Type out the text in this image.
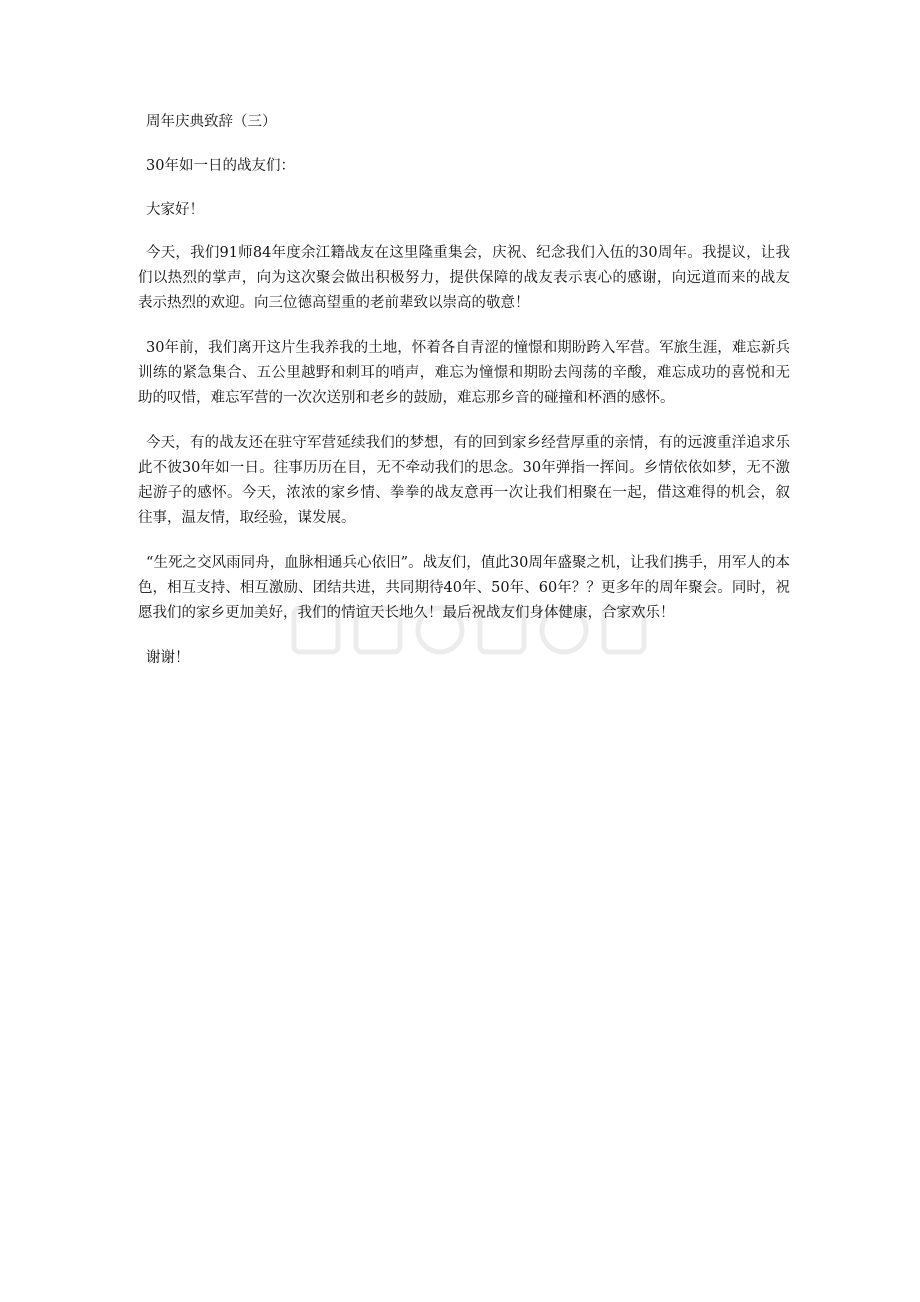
周年庆典致辞（三）

30年如一日的战友们：

大家好！

今天，我们91师84年度余江籍战友在这里隆重集会，庆祝、纪念我们入伍的30周年。我提议，让我们以热烈的掌声，向为这次聚会做出积极努力，提供保障的战友表示衷心的感谢，向远道而来的战友表示热烈的欢迎。向三位德高望重的老前辈致以崇高的敬意！

30年前，我们离开这片生我养我的土地，怀着各自青涩的憧憬和期盼跨入军营。军旅生涯，难忘新兵训练的紧急集合、五公里越野和刺耳的哨声，难忘为憧憬和期盼去闯荡的辛酸，难忘成功的喜悦和无助的叹惜，难忘军营的一次次送别和老乡的鼓励，难忘那乡音的碰撞和杯酒的感怀。

今天，有的战友还在驻守军营延续我们的梦想，有的回到家乡经营厚重的亲情，有的远渡重洋追求乐此不彼30年如一日。往事历历在目，无不牵动我们的思念。30年弹指一挥间。乡情依依如梦，无不激起游子的感怀。今天，浓浓的家乡情、拳拳的战友意再一次让我们相聚在一起，借这难得的机会，叙往事，温友情，取经验，谋发展。

“生死之交风雨同舟，血脉相通兵心依旧”。战友们，值此30周年盛聚之机，让我们携手，用军人的本色，相互支持、相互激励、团结共进，共同期待40年、50年、60年？？更多年的周年聚会。同时，祝愿我们的家乡更加美好，我们的情谊天长地久！最后祝战友们身体健康，合家欢乐！

谢谢！
